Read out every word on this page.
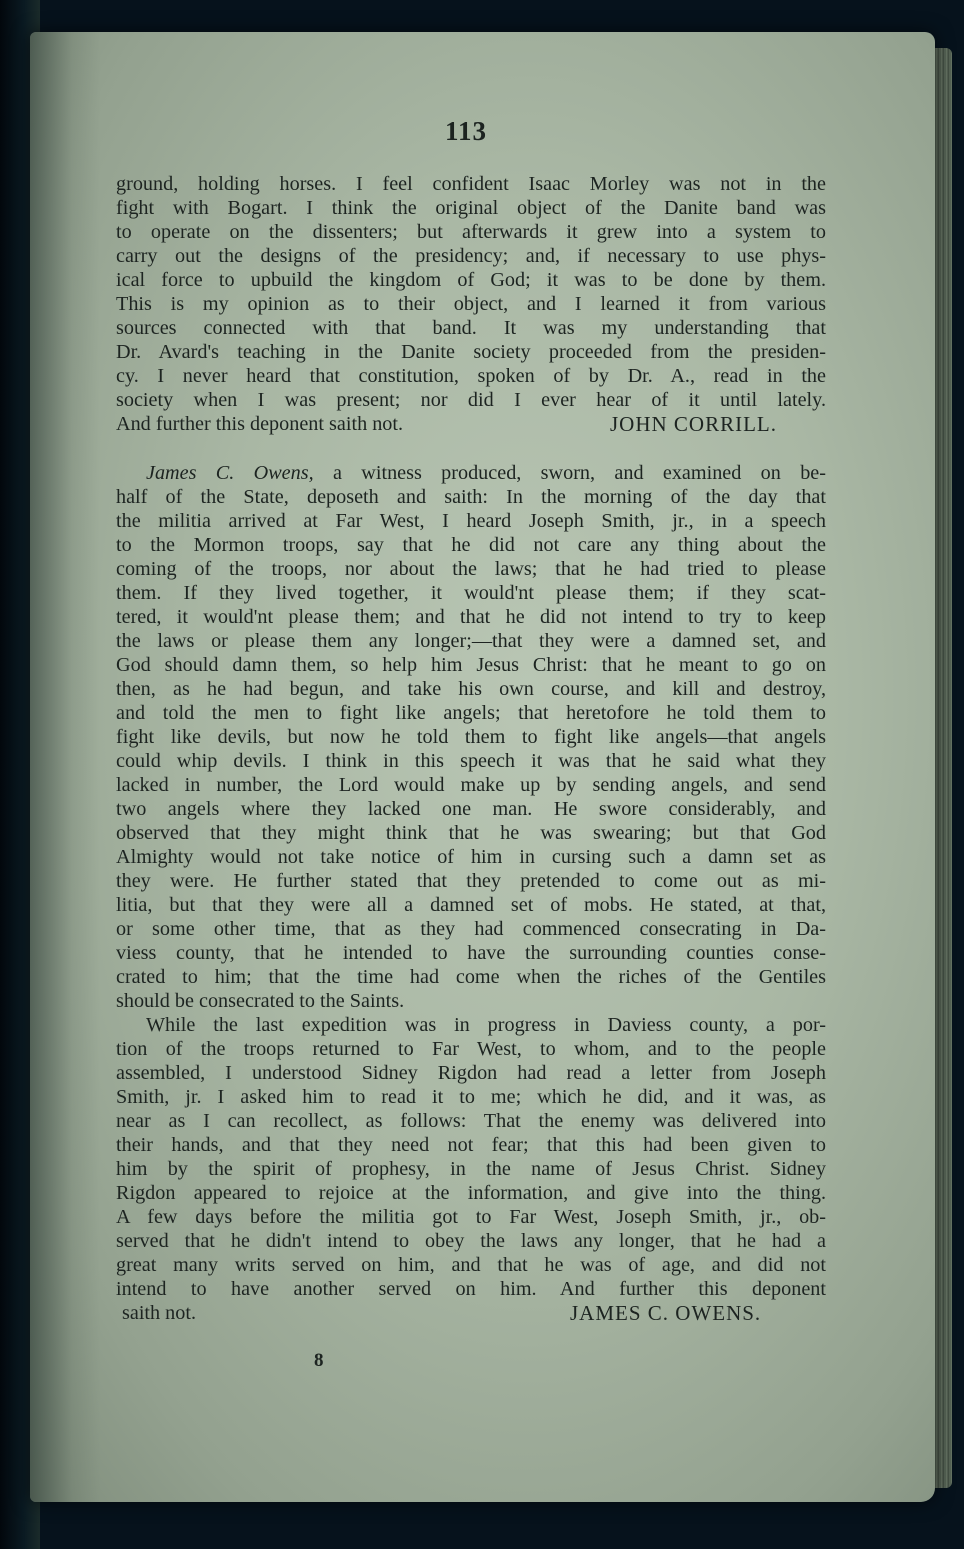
113
ground, holding horses. I feel confident Isaac Morley was not in the
fight with Bogart. I think the original object of the Danite band was
to operate on the dissenters; but afterwards it grew into a system to
carry out the designs of the presidency; and, if necessary to use phys-
ical force to upbuild the kingdom of God; it was to be done by them.
This is my opinion as to their object, and I learned it from various
sources connected with that band. It was my understanding that
Dr. Avard's teaching in the Danite society proceeded from the presiden-
cy. I never heard that constitution, spoken of by Dr. A., read in the
society when I was present; nor did I ever hear of it until lately.
And further this deponent saith not.	JOHN CORRILL.
James C. Owens, a witness produced, sworn, and examined on be-
half of the State, deposeth and saith: In the morning of the day that
the militia arrived at Far West, I heard Joseph Smith, jr., in a speech
to the Mormon troops, say that he did not care any thing about the
coming of the troops, nor about the laws; that he had tried to please
them. If they lived together, it would'nt please them; if they scat-
tered, it would'nt please them; and that he did not intend to try to keep
the laws or please them any longer;—that they were a damned set, and
God should damn them, so help him Jesus Christ: that he meant to go on
then, as he had begun, and take his own course, and kill and destroy,
and told the men to fight like angels; that heretofore he told them to
fight like devils, but now he told them to fight like angels—that angels
could whip devils. I think in this speech it was that he said what they
lacked in number, the Lord would make up by sending angels, and send
two angels where they lacked one man. He swore considerably, and
observed that they might think that he was swearing; but that God
Almighty would not take notice of him in cursing such a damn set as
they were. He further stated that they pretended to come out as mi-
litia, but that they were all a damned set of mobs. He stated, at that,
or some other time, that as they had commenced consecrating in Da-
viess county, that he intended to have the surrounding counties conse-
crated to him; that the time had come when the riches of the Gentiles
should be consecrated to the Saints.
While the last expedition was in progress in Daviess county, a por-
tion of the troops returned to Far West, to whom, and to the people
assembled, I understood Sidney Rigdon had read a letter from Joseph
Smith, jr. I asked him to read it to me; which he did, and it was, as
near as I can recollect, as follows: That the enemy was delivered into
their hands, and that they need not fear; that this had been given to
him by the spirit of prophesy, in the name of Jesus Christ. Sidney
Rigdon appeared to rejoice at the information, and give into the thing.
A few days before the militia got to Far West, Joseph Smith, jr., ob-
served that he didn't intend to obey the laws any longer, that he had a
great many writs served on him, and that he was of age, and did not
intend to have another served on him. And further this deponent
saith not.	JAMES C. OWENS.
8
